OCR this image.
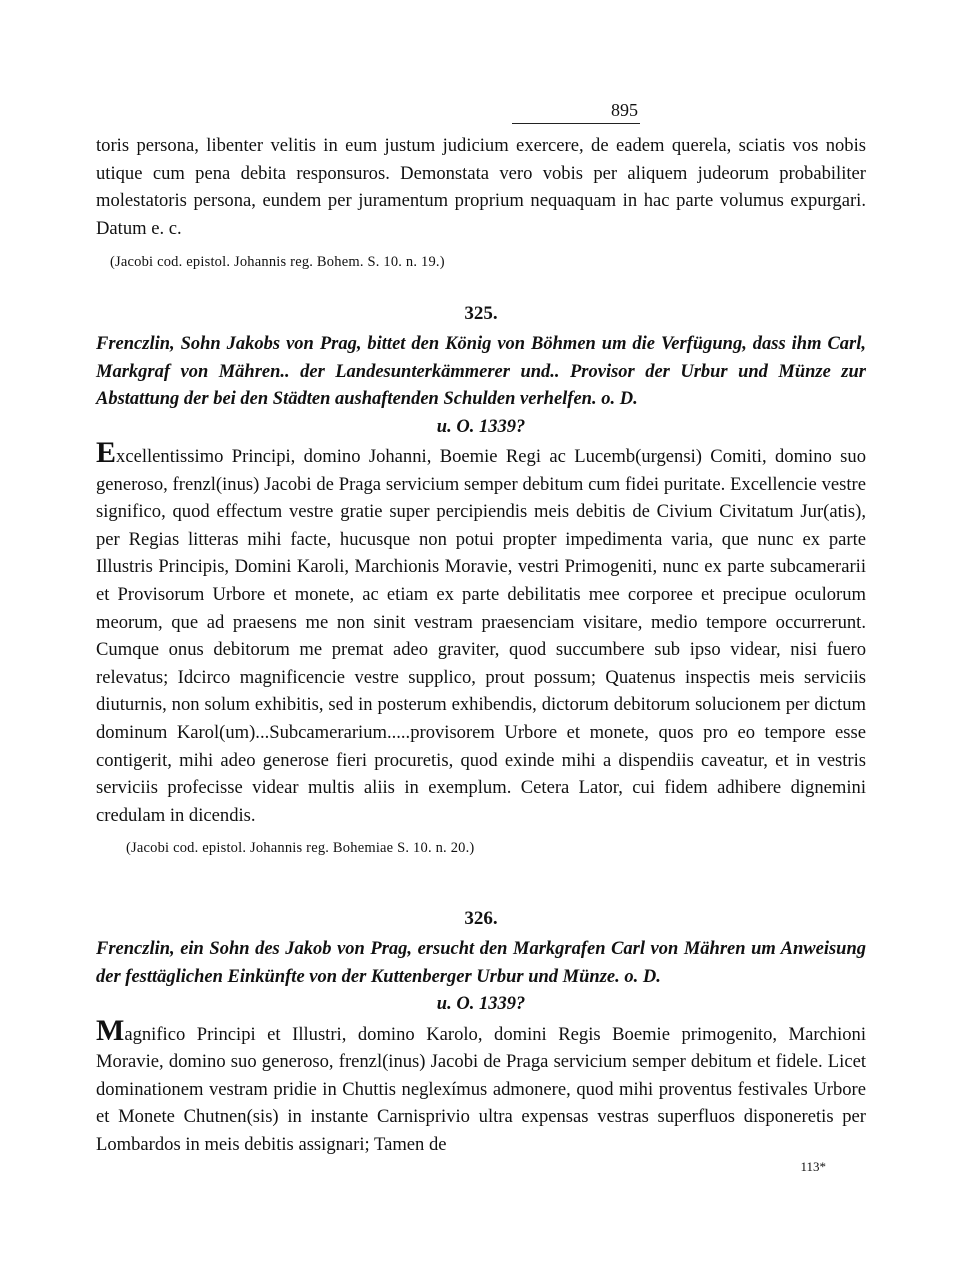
895

toris persona, libenter velitis in eum justum judicium exercere, de eadem querela, sciatis vos nobis utique cum pena debita responsuros. Demonstata vero vobis per aliquem judeorum probabiliter molestatoris persona, eundem per juramentum proprium nequaquam in hac parte volumus expurgari. Datum e. c.

(Jacobi cod. epistol. Johannis reg. Bohem. S. 10. n. 19.)
325.
Frenczlin, Sohn Jakobs von Prag, bittet den König von Böhmen um die Verfügung, dass ihm Carl, Markgraf von Mähren.. der Landesunterkämmerer und.. Provisor der Urbur und Münze zur Abstattung der bei den Städten aushaftenden Schulden verhelfen. o. D.
u. O. 1339?

Excellentissimo Principi, domino Johanni, Boemie Regi ac Lucemb(urgensi) Comiti, domino suo generoso, frenzl(inus) Jacobi de Praga servicium semper debitum cum fidei puritate. Excellencie vestre significo, quod effectum vestre gratie super percipiendis meis debitis de Civium Civitatum Jur(atis), per Regias litteras mihi facte, hucusque non potui propter impedimenta varia, que nunc ex parte Illustris Principis, Domini Karoli, Marchionis Moravie, vestri Primogeniti, nunc ex parte subcamerarii et Provisorum Urbore et monete, ac etiam ex parte debilitatis mee corporee et precipue oculorum meorum, que ad praesens me non sinit vestram praesenciam visitare, medio tempore occurrerunt. Cumque onus debitorum me premat adeo graviter, quod succumbere sub ipso videar, nisi fuero relevatus; Idcirco magnificencie vestre supplico, prout possum; Quatenus inspectis meis serviciis diuturnis, non solum exhibitis, sed in posterum exhibendis, dictorum debitorum solucionem per dictum dominum Karol(um)...Subcamerarium.....provisorem Urbore et monete, quos pro eo tempore esse contigerit, mihi adeo generose fieri procuretis, quod exinde mihi a dispendiis caveatur, et in vestris serviciis profecisse videar multis aliis in exemplum. Cetera Lator, cui fidem adhibere dignemini credulam in dicendis.

(Jacobi cod. epistol. Johannis reg. Bohemiae S. 10. n. 20.)
326.
Frenczlin, ein Sohn des Jakob von Prag, ersucht den Markgrafen Carl von Mähren um Anweisung der festtäglichen Einkünfte von der Kuttenberger Urbur und Münze. o. D.
u. O. 1339?

Magnifico Principi et Illustri, domino Karolo, domini Regis Boemie primogenito, Marchioni Moravie, domino suo generoso, frenzl(inus) Jacobi de Praga servicium semper debitum et fidele. Licet dominationem vestram pridie in Chuttis neglexímus admonere, quod mihi proventus festivales Urbore et Monete Chutnen(sis) in instante Carnisprivio ultra expensas vestras superfluos disponeretis per Lombardos in meis debitis assignari; Tamen de

113*
